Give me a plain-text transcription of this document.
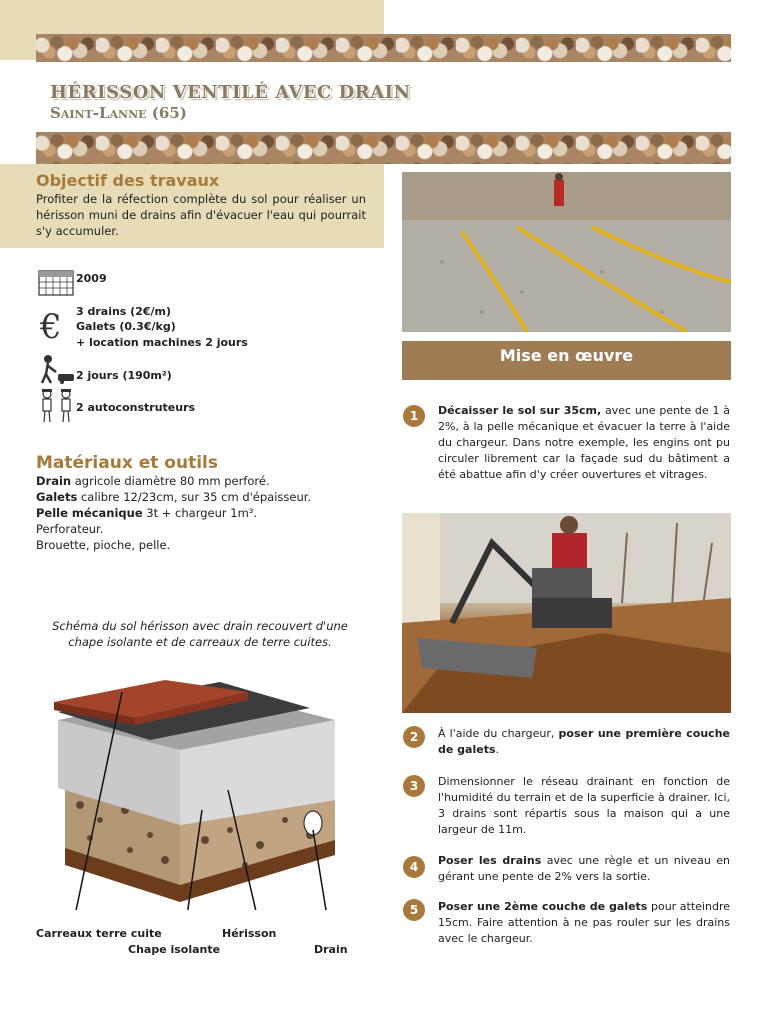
HÉRISSON VENTILÉ AVEC DRAIN
Saint-Lanne (65)
Objectif des travaux
Profiter de la réfection complète du sol pour réaliser un hérisson muni de drains afin d'évacuer l'eau qui pourrait s'y accumuler.
2009
€ 3 drains (2€/m)
Galets (0.3€/kg)
+ location machines 2 jours
2 jours (190m²)
2 autoconstruteurs
Matériaux et outils
Drain agricole diamètre 80 mm perforé.
Galets calibre 12/23cm, sur 35 cm d'épaisseur.
Pelle mécanique 3t + chargeur 1m³.
Perforateur.
Brouette, pioche, pelle.
Schéma du sol hérisson avec drain recouvert d'une chape isolante et de carreaux de terre cuites.
Carreaux terre cuite	Hérisson
Chape isolante	Drain
Mise en œuvre
1	Décaisser le sol sur 35cm, avec une pente de 1 à 2%, à la pelle mécanique et évacuer la terre à l'aide du chargeur. Dans notre exemple, les engins ont pu circuler librement car la façade sud du bâtiment a été abattue afin d'y créer ouvertures et vitrages.
2	À l'aide du chargeur, poser une première couche de galets.
3	Dimensionner le réseau drainant en fonction de l'humidité du terrain et de la superficie à drainer. Ici, 3 drains sont répartis sous la maison qui a une largeur de 11m.
4	Poser les drains avec une règle et un niveau en gérant une pente de 2% vers la sortie.
5	Poser une 2ème couche de galets pour atteindre 15cm. Faire attention à ne pas rouler sur les drains avec le chargeur.
